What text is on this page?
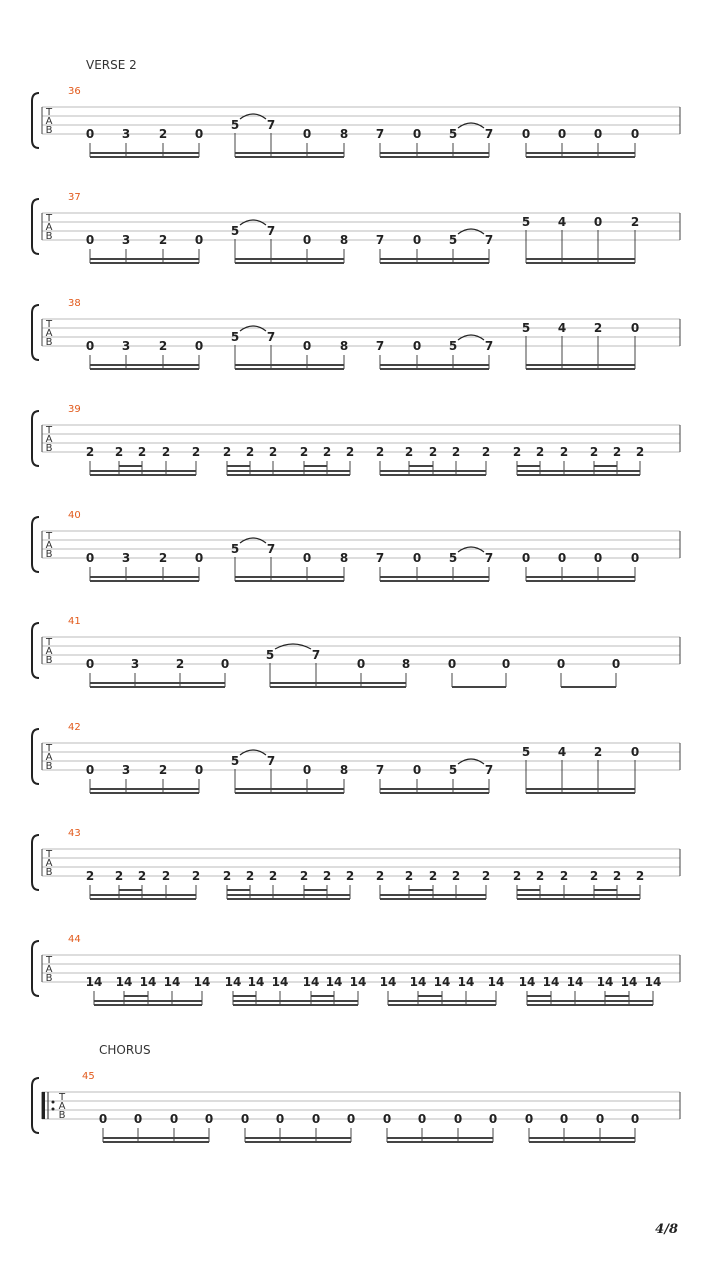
VERSE 2
36
T
A
B	0 3 2 0
5 7
0 8 7 0 5 7 0 0 0 0
37
T
A
B	0 3 2 0
5 7
0 8 7 0 5 7
5 4 0 2
38
T
A
B	0 3 2 0
5 7
0 8 7 0 5 7
5 4 2 0
39
T
A
B	2 2 2 2 2 2 2 2 2 2 2 2 2 2 2 2 2 2 2 2 2 2
40
T
A
B	0 3 2 0
5 7
0 8 7 0 5 7 0 0 0 0
41
T
A
B	0	3	2	0
5	7
0	8	0	0	0	0
42
T
A
B	0 3 2 0
5 7
0 8 7 0 5 7
5 4 2 0
43
T
A
B	2 2 2 2 2 2 2 2 2 2 2 2 2 2 2 2 2 2 2 2 2 2
44
T
A
B	14 14 14 14 14 14 14 14 14 14 14 14 14 14 14 14 14 14 14 14 14 14
CHORUS
45
T
A
B	0 0 0 0 0 0 0 0 0 0 0 0 0 0 0 0
4/8
